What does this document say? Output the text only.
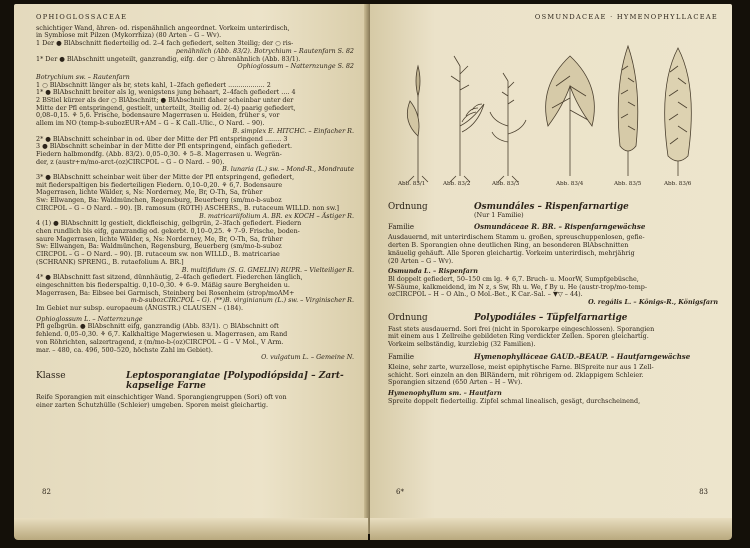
OPHIOGLOSSACEAE

schichtiger Wand, ähren- od. rispenähnlich angeordnet. Vorkeim unterirdisch,

in Symbiose mit Pilzen (Mykorrhiza) (80 Arten – G – Wv).

1 Der ● BlAbschnitt fiederteilig od. 2–4 fach gefiedert, selten 3teilig; der ○ ris-

penähnlich (Abb. 83/2). Botrychium – Rautenfarn S. 82

1* Der ● BlAbschnitt ungeteilt, ganzrandig, eifg. der ○ ährenähnlich (Abb. 83/1).

Ophioglossum – Natternzunge S. 82

Botrychium sw. – Rautenfarn

1 ○ BlAbschnitt länger als br, stets kahl, 1–2fach gefiedert .................. 2

1* ● BlAbschnitt breiter als lg, wenigstens jung behaart, 2–4fach gefiedert .... 4

2 BStiel kürzer als der ○ BlAbschnitt; ● BlAbschnitt daher scheinbar unter der

Mitte der Pfl entspringend, gestielt, unterteilt, 3teilig od. 2(-4) paarig gefiedert,

0,08–0,15. ⚘ 5,6. Frische, bodensaure Magerrasen u. Heiden, früher s, vor

allem im NO (temp-b-subozEUR+AM – G – K Call.-Ulic., O Nard. – 90).

B. simplex E. HITCHC. – Einfacher R.

2* ● BlAbschnitt scheinbar in od. über der Mitte der Pfl entspringend ........ 3

3 ● BlAbschnitt scheinbar in der Mitte der Pfl entspringend, einfach gefiedert.

Fiedern halbmondfg. (Abb. 83/2). 0,05–0,30. ⚘ 5–8. Magerrasen u. Wegrän-

der, z (austr+m/mo-arct-(oz)CIRCPOL – G – O Nard. – 90).

B. lunaria (L.) sw. – Mond-R., Mondraute

3* ● BlAbschnitt scheinbar weit über der Mitte der Pfl entspringend, gefiedert,

mit fiederspaltigen bis fiederteiligen Fiedern. 0,10–0,20. ⚘ 6,7. Bodensaure

Magerrasen, lichte Wälder, s, Ns: Norderney, Me, Br, O-Th, Sa, früher

Sw: Ellwangen, Ba: Waldmünchen, Regensburg, Beuerberg (sm/mo-b-suboz

CIRCPOL – G – O Nard. – 90). [B. ramosum (ROTH) ASCHERS., B. rutaceum WILLD. non sw.]

B. matricariifolium A. BR. ex KOCH – Ästiger R.

4 (1) ● BlAbschnitt lg gestielt, dickfleischig, gelbgrün, 2–3fach gefiedert. Fiedern

chen rundlich bis eifg, ganzrandig od. gekerbt. 0,10–0,25. ⚘ 7–9. Frische, boden-

saure Magerrasen, lichte Wälder, s, Ns: Norderney, Me, Br, O-Th, Sa, früher

Sw: Ellwangen, Ba: Waldmünchen, Regensburg, Beuerberg (sm/mo-b-suboz

CIRCPOL – G – O Nard. – 90). [B. rutaceum sw. non WILLD., B. matricariae

(SCHRANK) SPRENG., B. rutaefolium A. BR.]

B. multifidum (S. G. GMELIN) RUPR. – Vielteiliger R.

4* ● BlAbschnitt fast sitzend, dünnhäutig, 2–4fach gefiedert. Fiederchen länglich,

eingeschnitten bis fiederspaltig. 0,10–0,30. ⚘ 6–9. Mäßig saure Bergheiden u.

Magerrasen, Ba: Eibsee bei Garmisch, Steinberg bei Rosenheim (strop/moAM+

m-b-subozCIRCPOL – G). (**)B. virginianum (L.) sw. – Virginischer R.

Im Gebiet nur subsp. europaeum (ÅNGSTR.) CLAUSEN – (184).

Ophioglossum L. – Natternzunge

Pfl gelbgrün. ● BlAbschnitt eifg, ganzrandig (Abb. 83/1). ○ BlAbschnitt oft

fehlend. 0,05–0,30. ⚘ 6,7. Kalkhaltige Magerwiesen u. Magerrasen, am Rand

von Röhrichten, salzertragend, z (m/mo-b-(oz)CIRCPOL – G – V Mol., V Arm.

mar. – 480, ca. 496, 500–520, höchste Zahl im Gebiet).

O. vulgatum L. – Gemeine N.

Klasse	Leptosporangiatae [Polypodiópsida] – Zart-kapselige Farne

Reife Sporangien mit einschichtiger Wand. Sporangiengruppen (Sori) oft von

einer zarten Schutzhülle (Schleier) umgeben. Sporen meist gleichartig.

82
OSMUNDACEAE · HYMENOPHYLLACEAE
Abb. 83/1	Abb. 83/2	Abb. 83/3	Abb. 83/4	Abb. 83/5	Abb. 83/6
Ordnung	Osmundáles – Rispenfarnartige

(Nur 1 Familie)

Familie	Osmundáceae R. BR. – Rispenfarngewächse

Ausdauernd, mit unterirdischem Stamm u. großen, spreuschuppenlosen, gefie-

derten B. Sporangien ohne deutlichen Ring, an besonderen BlAbschnitten

knäuelig gehäuft. Alle Sporen gleichartig. Vorkeim unterirdisch, mehrjährig

(20 Arten – G – Wv).

Osmunda L. – Rispenfarn

Bl doppelt gefiedert, 50–150 cm lg. ⚘ 6,7. Bruch- u. MoorW, Sumpfgebüsche,

W-Säume, kalkmeidend, im N z, s Sw, Rh u. We, f By u. He (austr-trop/mo-temp-

ozCIRCPOL – H – O Aln., O Mol.-Bet., K Car.-Sal. – ▼▽ – 44).

O. regális L. – Königs-R., Königsfarn

Ordnung	Polypodiáles – Tüpfelfarnartige

Fast stets ausdauernd. Sori frei (nicht in Sporokarpe eingeschlossen). Sporangien

mit einem aus 1 Zellreihe gebildeten Ring verdickter Zellen. Sporen gleichartig.

Vorkeim selbständig, kurzlebig (32 Familien).

Familie	Hymenophylláceae GAUD.-BEAUP. – Hautfarngewächse

Kleine, sehr zarte, wurzellose, meist epiphytische Farne. BlSpreite nur aus 1 Zell-

schicht. Sori einzeln an den BlRändern, mit röhrigem od. 2klappigem Schleier.

Sporangien sitzend (650 Arten – H – Wv).

Hymenophyllum sm. – Hautfarn

Spreite doppelt fiederteilig. Zipfel schmal linealisch, gesägt, durchscheinend,

6*	83
